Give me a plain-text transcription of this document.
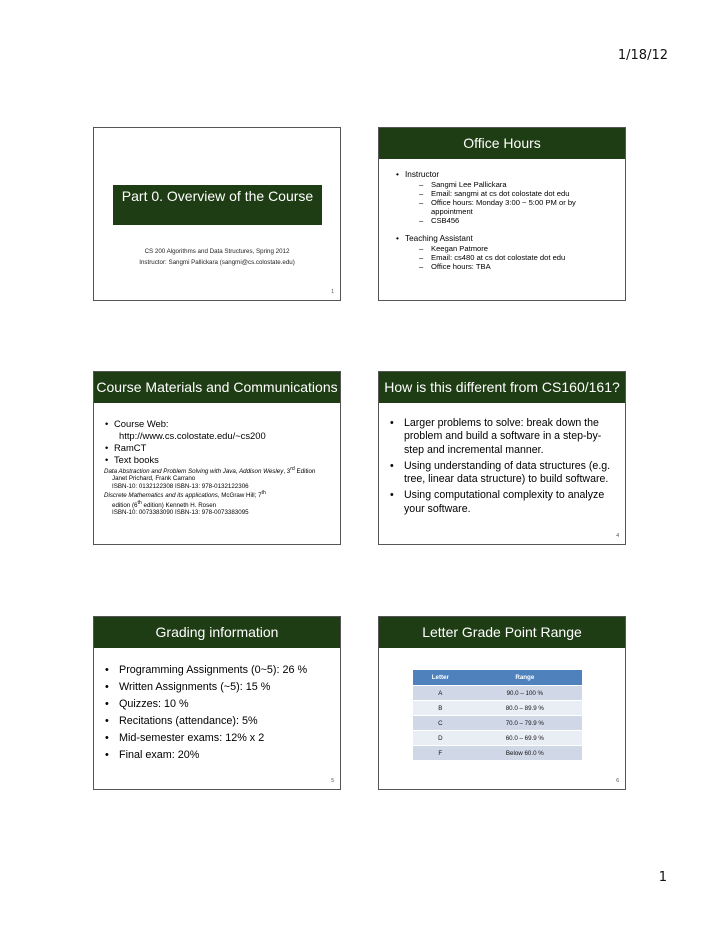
1/18/12
Part 0. Overview of the Course
CS 200 Algorithms and Data Structures, Spring 2012
Instructor: Sangmi Pallickara (sangmi@cs.colostate.edu)
1
Office Hours
• Instructor
– Sangmi Lee Pallickara
– Email: sangmi at cs dot colostate dot edu
– Office hours: Monday 3:00 ~ 5:00 PM or by appointment
– CSB456
• Teaching Assistant
– Keegan Patmore
– Email: cs480 at cs dot colostate dot edu
– Office hours: TBA
Course Materials and Communications
• Course Web:
http://www.cs.colostate.edu/~cs200
• RamCT
• Text books
Data Abstraction and Problem Solving with Java, Addison Wesley, 3rd Edition
Janet Prichard, Frank Carrano
ISBN-10: 0132122308 ISBN-13: 978-0132122306
Discrete Mathematics and its applications, McGraw Hill; 7th
edition (6th edition) Kenneth H. Rosen
ISBN-10: 0073383090 ISBN-13: 978-0073383095
How is this different from CS160/161?
• Larger problems to solve: break down the problem and build a software in a step-by-step and incremental manner.
• Using understanding of data structures (e.g. tree, linear data structure) to build software.
• Using computational complexity to analyze your software.
4
Grading information
• Programming Assignments (0~5): 26 %
• Written Assignments (~5): 15 %
• Quizzes: 10 %
• Recitations (attendance): 5%
• Mid-semester exams: 12% x 2
• Final exam: 20%
5
Letter Grade Point Range
Letter	Range
A	90.0 – 100 %
B	80.0 – 89.9 %
C	70.0 – 79.9 %
D	60.0 – 69.9 %
F	Below 60.0 %
6
1
